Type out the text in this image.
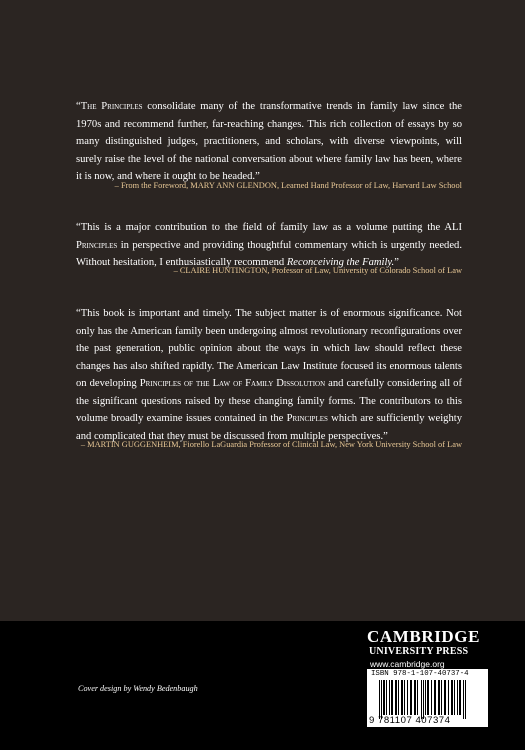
“The Principles consolidate many of the transformative trends in family law since the 1970s and recommend further, far-reaching changes. This rich collection of essays by so many distinguished judges, practitioners, and scholars, with diverse viewpoints, will surely raise the level of the national conversation about where family law has been, where it is now, and where it ought to be headed.”
– From the Foreword, MARY ANN GLENDON, Learned Hand Professor of Law, Harvard Law School
“This is a major contribution to the field of family law as a volume putting the ALI Principles in perspective and providing thoughtful commentary which is urgently needed. Without hesitation, I enthusiastically recommend Reconceiving the Family.”
– CLAIRE HUNTINGTON, Professor of Law, University of Colorado School of Law
“This book is important and timely. The subject matter is of enormous significance. Not only has the American family been undergoing almost revolutionary reconfigurations over the past generation, public opinion about the ways in which law should reflect these changes has also shifted rapidly. The American Law Institute focused its enormous talents on developing Principles of the Law of Family Dissolution and carefully considering all of the significant questions raised by these changing family forms. The contributors to this volume broadly examine issues contained in the Principles which are sufficiently weighty and complicated that they must be discussed from multiple perspectives.”
– MARTIN GUGGENHEIM, Fiorello LaGuardia Professor of Clinical Law, New York University School of Law
Cover design by Wendy Bedenbaugh
CAMBRIDGE
UNIVERSITY PRESS
www.cambridge.org
ISBN 978-1-107-40737-4
9 781107 407374
